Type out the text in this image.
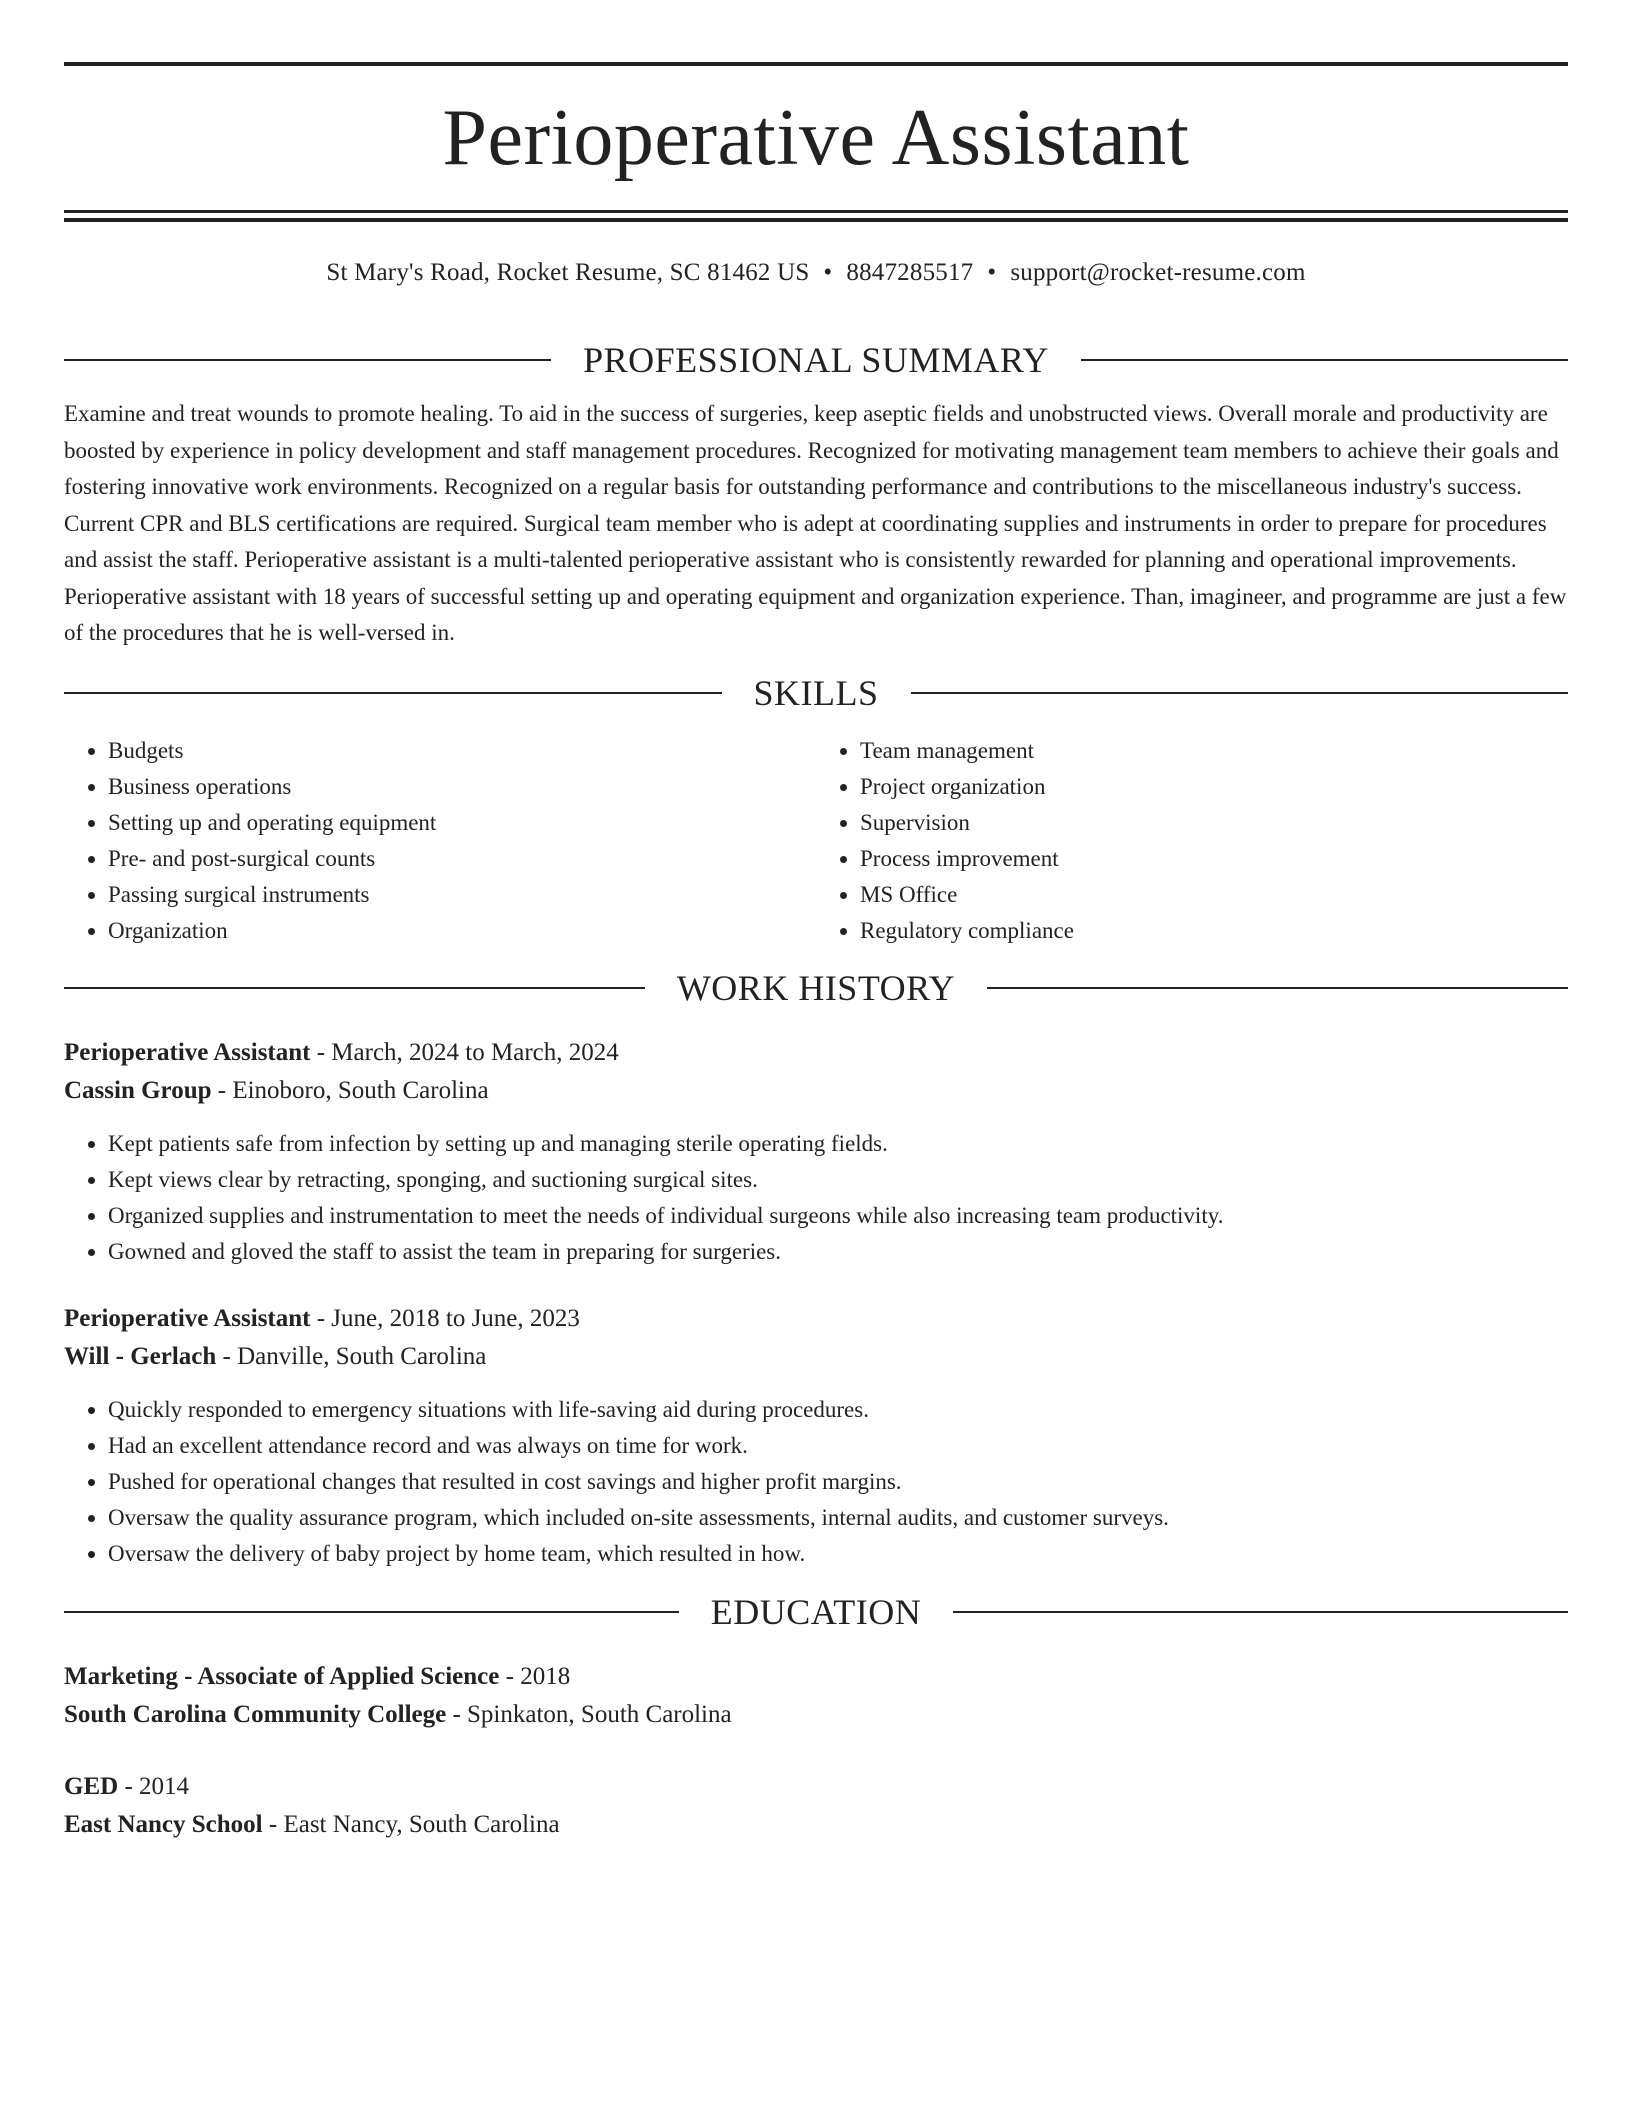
Perioperative Assistant
St Mary's Road, Rocket Resume, SC 81462 US • 8847285517 • support@rocket-resume.com
PROFESSIONAL SUMMARY
Examine and treat wounds to promote healing. To aid in the success of surgeries, keep aseptic fields and unobstructed views. Overall morale and productivity are boosted by experience in policy development and staff management procedures. Recognized for motivating management team members to achieve their goals and fostering innovative work environments. Recognized on a regular basis for outstanding performance and contributions to the miscellaneous industry's success. Current CPR and BLS certifications are required. Surgical team member who is adept at coordinating supplies and instruments in order to prepare for procedures and assist the staff. Perioperative assistant is a multi-talented perioperative assistant who is consistently rewarded for planning and operational improvements. Perioperative assistant with 18 years of successful setting up and operating equipment and organization experience. Than, imagineer, and programme are just a few of the procedures that he is well-versed in.
SKILLS
• Budgets
• Business operations
• Setting up and operating equipment
• Pre- and post-surgical counts
• Passing surgical instruments
• Organization
• Team management
• Project organization
• Supervision
• Process improvement
• MS Office
• Regulatory compliance
WORK HISTORY
Perioperative Assistant - March, 2024 to March, 2024
Cassin Group - Einoboro, South Carolina
• Kept patients safe from infection by setting up and managing sterile operating fields.
• Kept views clear by retracting, sponging, and suctioning surgical sites.
• Organized supplies and instrumentation to meet the needs of individual surgeons while also increasing team productivity.
• Gowned and gloved the staff to assist the team in preparing for surgeries.
Perioperative Assistant - June, 2018 to June, 2023
Will - Gerlach - Danville, South Carolina
• Quickly responded to emergency situations with life-saving aid during procedures.
• Had an excellent attendance record and was always on time for work.
• Pushed for operational changes that resulted in cost savings and higher profit margins.
• Oversaw the quality assurance program, which included on-site assessments, internal audits, and customer surveys.
• Oversaw the delivery of baby project by home team, which resulted in how.
EDUCATION
Marketing - Associate of Applied Science - 2018
South Carolina Community College - Spinkaton, South Carolina
GED - 2014
East Nancy School - East Nancy, South Carolina
